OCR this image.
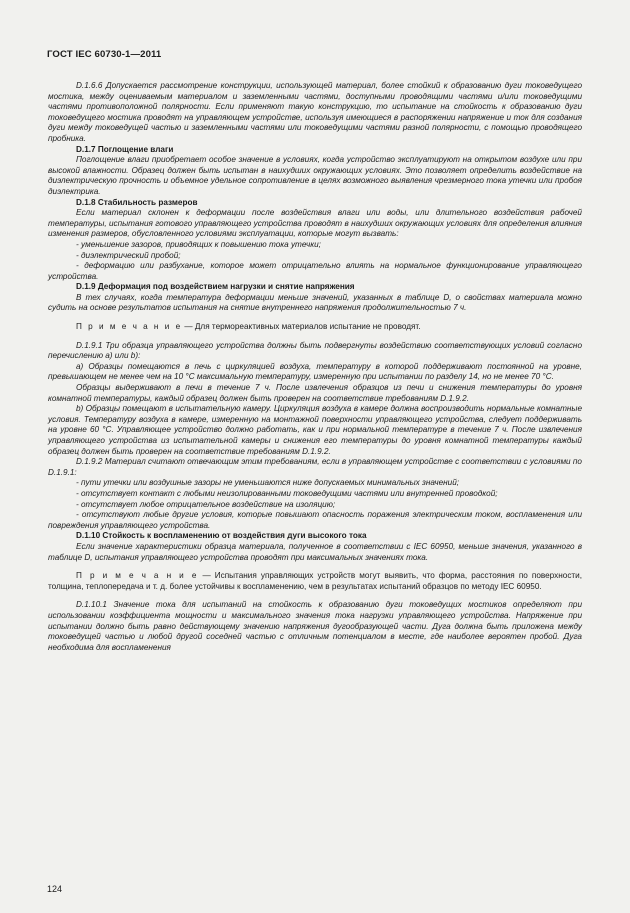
ГОСТ IEC 60730-1—2011

D.1.6.6 Допускается рассмотрение конструкции, использующей материал, более стойкий к образованию дуги токоведущего мостика, между оцениваемым материалом и заземленными частями, доступными проводящими частями и/или токоведущими частями противоположной полярности. Если применяют такую конструкцию, то испытание на стойкость к образованию дуги токоведущего мостика проводят на управляющем устройстве, используя имеющиеся в распоряжении напряжение и ток для создания дуги между токоведущей частью и заземленными частями или токоведущими частями разной полярности, с помощью проводящего пробника.

D.1.7 Поглощение влаги

Поглощение влаги приобретает особое значение в условиях, когда устройство эксплуатируют на открытом воздухе или при высокой влажности. Образец должен быть испытан в наихудших окружающих условиях. Это позволяет определить воздействие на диэлектрическую прочность и объемное удельное сопротивление в целях возможного выявления чрезмерного тока утечки или пробоя диэлектрика.

D.1.8 Стабильность размеров

Если материал склонен к деформации после воздействия влаги или воды, или длительного воздействия рабочей температуры, испытания готового управляющего устройства проводят в наихудших окружающих условиях для определения влияния изменения размеров, обусловленного условиями эксплуатации, которые могут вызвать:

- уменьшение зазоров, приводящих к повышению тока утечки;

- диэлектрический пробой;

- деформацию или разбухание, которое может отрицательно влиять на нормальное функционирование управляющего устройства.

D.1.9 Деформация под воздействием нагрузки и снятие напряжения

В тех случаях, когда температура деформации меньше значений, указанных в таблице D, о свойствах материала можно судить на основе результатов испытания на снятие внутреннего напряжения продолжительностью 7 ч.

П р и м е ч а н и е — Для термореактивных материалов испытание не проводят.

D.1.9.1 Три образца управляющего устройства должны быть подвергнуты воздействию соответствующих условий согласно перечислению а) или b):

а) Образцы помещаются в печь с циркуляцией воздуха, температуру в которой поддерживают постоянной на уровне, превышающем не менее чем на 10 °С максимальную температуру, измеренную при испытании по разделу 14, но не менее 70 °С.

Образцы выдерживают в печи в течение 7 ч. После извлечения образцов из печи и снижения температуры до уровня комнатной температуры, каждый образец должен быть проверен на соответствие требованиям D.1.9.2.

b) Образцы помещают в испытательную камеру. Циркуляция воздуха в камере должна воспроизводить нормальные комнатные условия. Температуру воздуха в камере, измеренную на монтажной поверхности управляющего устройства, следует поддерживать на уровне 60 °С. Управляющее устройство должно работать, как и при нормальной температуре в течение 7 ч. После извлечения управляющего устройства из испытательной камеры и снижения его температуры до уровня комнатной температуры каждый образец должен быть проверен на соответствие требованиям D.1.9.2.

D.1.9.2 Материал считают отвечающим этим требованиям, если в управляющем устройстве с соответствии с условиями по D.1.9.1:

- пути утечки или воздушные зазоры не уменьшаются ниже допускаемых минимальных значений;

- отсутствует контакт с любыми неизолированными токоведущими частями или внутренней проводкой;

- отсутствует любое отрицательное воздействие на изоляцию;

- отсутствуют любые другие условия, которые повышают опасность поражения электрическим током, воспламенения или повреждения управляющего устройства.

D.1.10 Стойкость к воспламенению от воздействия дуги высокого тока

Если значение характеристики образца материала, полученное в соответствии с IEC 60950, меньше значения, указанного в таблице D, испытания управляющего устройства проводят при максимальных значениях тока.

П р и м е ч а н и е — Испытания управляющих устройств могут выявить, что форма, расстояния по поверхности, толщина, теплопередача и т. д. более устойчивы к воспламенению, чем в результатах испытаний образцов по методу IEC 60950.

D.1.10.1 Значение тока для испытаний на стойкость к образованию дуги токоведущих мостиков определяют при использовании коэффициента мощности и максимального значения тока нагрузки управляющего устройства. Напряжение при испытании должно быть равно действующему значению напряжения дугообразующей части. Дуга должна быть приложена между токоведущей частью и любой другой соседней частью с отличным потенциалом в месте, где наиболее вероятен пробой. Дуга необходима для воспламенения

124
